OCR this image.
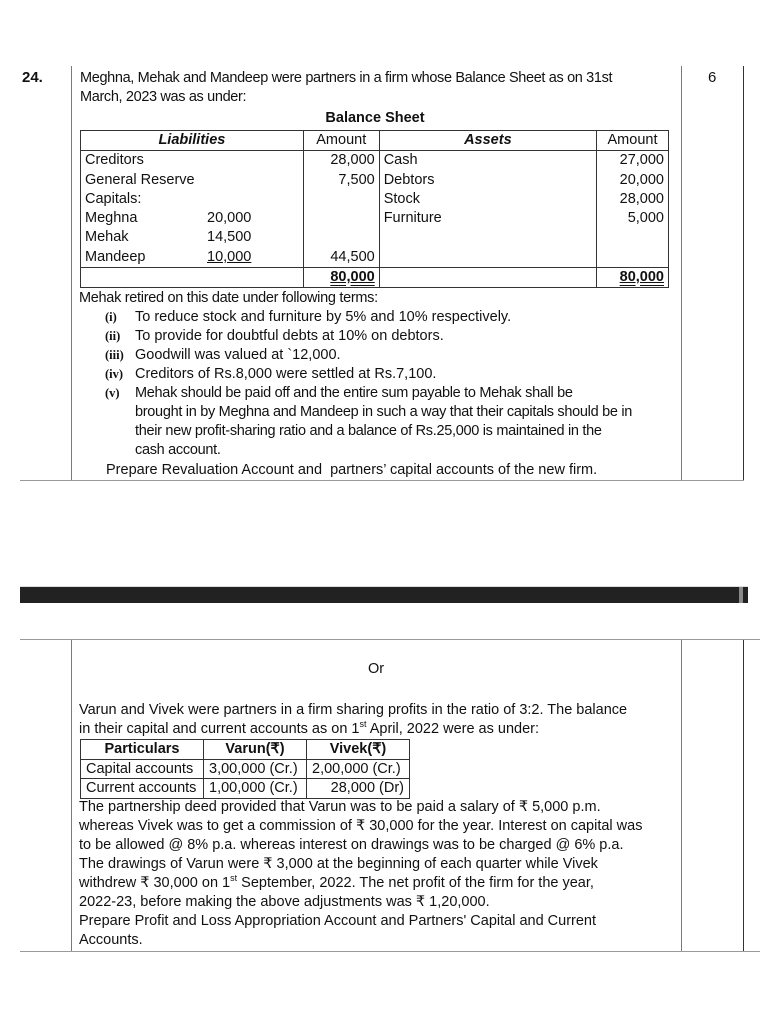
24.	6
Meghna, Mehak and Mandeep were partners in a firm whose Balance Sheet as on 31st
March, 2023 was as under:
Balance Sheet
Liabilities	Amount	Assets	Amount

Creditors	28,000	Cash	27,000

General Reserve	7,500	Debtors	20,000

Capitals:		Stock	28,000

Meghna 20,000		Furniture	5,000

Mehak 14,500			

Mandeep 10,000	44,500		
	80,000		80,000
Mehak retired on this date under following terms:
(i)	To reduce stock and furniture by 5% and 10% respectively.
(ii)	To provide for doubtful debts at 10% on debtors.
(iii) Goodwill was valued at `12,000.
(iv) Creditors of Rs.8,000 were settled at Rs.7,100.
(v)	Mehak should be paid off and the entire sum payable to Mehak shall be
brought in by Meghna and Mandeep in such a way that their capitals should be in
their new profit-sharing ratio and a balance of Rs.25,000 is maintained in the
cash account.
Prepare Revaluation Account and  partners’ capital accounts of the new firm.
Or
Varun and Vivek were partners in a firm sharing profits in the ratio of 3:2. The balance
in their capital and current accounts as on 1st April, 2022 were as under:
Particulars	Varun(₹)	Vivek(₹)
Capital accounts	3,00,000 (Cr.)	2,00,000 (Cr.)
Current accounts	1,00,000 (Cr.)	28,000 (Dr)
The partnership deed provided that Varun was to be paid a salary of ₹ 5,000 p.m.
whereas Vivek was to get a commission of ₹ 30,000 for the year. Interest on capital was
to be allowed @ 8% p.a. whereas interest on drawings was to be charged @ 6% p.a.
The drawings of Varun were ₹ 3,000 at the beginning of each quarter while Vivek
withdrew ₹ 30,000 on 1st September, 2022. The net profit of the firm for the year,
2022-23, before making the above adjustments was ₹ 1,20,000.
Prepare Profit and Loss Appropriation Account and Partners' Capital and Current
Accounts.
